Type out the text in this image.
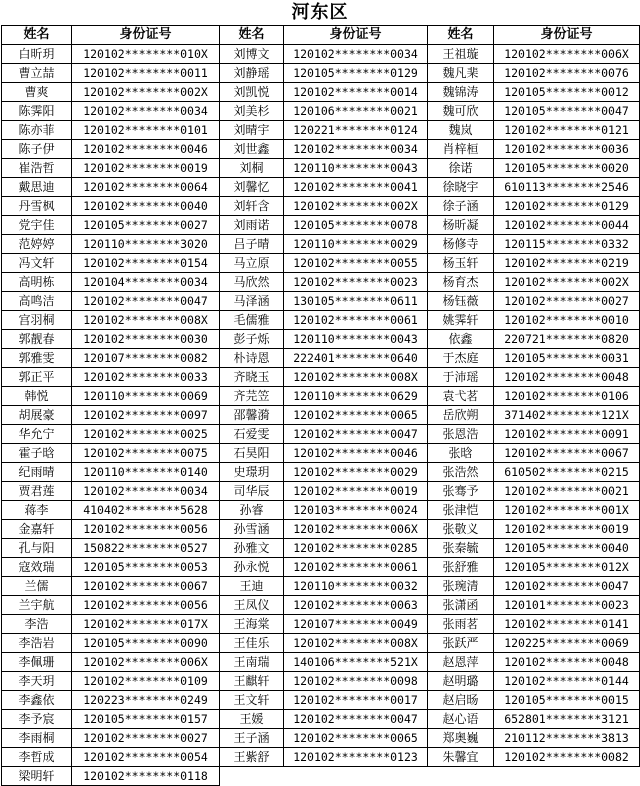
河东区
姓名	身份证号	姓名	身份证号	姓名	身份证号
白昕玥	120102********010X	刘博文	120102********0034	王祖璇	120102********006X
曹立喆	120102********0011	刘静瑶	120105********0129	魏凡棐	120102********0076
曹爽	120102********002X	刘凯悦	120102********0014	魏锦涛	120105********0012
陈霁阳	120102********0034	刘美杉	120106********0021	魏可欣	120105********0047
陈亦菲	120102********0101	刘晴宇	120221********0124	魏岚	120102********0121
陈子伊	120102********0046	刘世鑫	120102********0034	肖梓桓	120102********0036
崔浩哲	120102********0019	刘桐	120110********0043	徐诺	120105********0020
戴思迪	120102********0064	刘馨忆	120102********0041	徐晓宇	610113********2546
丹雪枫	120102********0040	刘轩含	120102********002X	徐子涵	120102********0129
党宇佳	120105********0027	刘雨诺	120105********0078	杨昕凝	120102********0044
范婷婷	120110********3020	吕子晴	120110********0029	杨修寺	120115********0332
冯文轩	120102********0154	马立原	120102********0055	杨玉轩	120102********0219
高明栋	120104********0034	马欣然	120102********0023	杨育杰	120102********002X
高鸣洁	120102********0047	马泽涵	130105********0611	杨钰薇	120102********0027
宫羽桐	120102********008X	毛儒雅	120102********0061	姚霁轩	120102********0010
郭靓春	120102********0030	彭子烁	120110********0043	依鑫	220721********0820
郭雅雯	120107********0082	朴诗恩	222401********0640	于杰庭	120105********0031
郭正平	120102********0033	齐晓玉	120102********008X	于沛瑶	120102********0048
韩悦	120110********0069	齐芫笠	120110********0629	袁弋茗	120102********0106
胡展豪	120102********0097	邵馨漪	120102********0065	岳欣朔	371402********121X
华允宁	120102********0025	石爱雯	120102********0047	张恩浩	120102********0091
霍子晗	120102********0075	石昊阳	120102********0046	张晗	120102********0067
纪雨晴	120110********0140	史璟玥	120102********0029	张浩然	610502********0215
贾君莲	120102********0034	司华辰	120102********0019	张骞予	120102********0021
蒋李	410402********5628	孙睿	120103********0024	张津恺	120102********001X
金嘉轩	120102********0056	孙雪涵	120102********006X	张敬义	120102********0019
孔与阳	150822********0527	孙雅文	120102********0285	张秦毓	120105********0040
寇效瑞	120105********0053	孙永悦	120102********0061	张舒雅	120105********012X
兰儒	120102********0067	王迪	120110********0032	张琬清	120102********0047
兰宇航	120102********0056	王凤仪	120102********0063	张潇函	120101********0023
李浩	120102********017X	王海棠	120107********0049	张雨茗	120102********0141
李浩岩	120105********0090	王佳乐	120102********008X	张跃严	120225********0069
李佩珊	120102********006X	王南瑞	140106********521X	赵恩萍	120102********0048
李天玥	120102********0109	王麒轩	120102********0098	赵明璐	120102********0144
李鑫依	120223********0249	王文轩	120102********0017	赵启旸	120105********0015
李予宸	120105********0157	王媛	120102********0047	赵心语	652801********3121
李雨桐	120102********0027	王子涵	120102********0065	郑奥巍	210112********3813
李哲成	120102********0054	王紫舒	120102********0123	朱馨宜	120102********0082
梁明轩	120102********0118				
